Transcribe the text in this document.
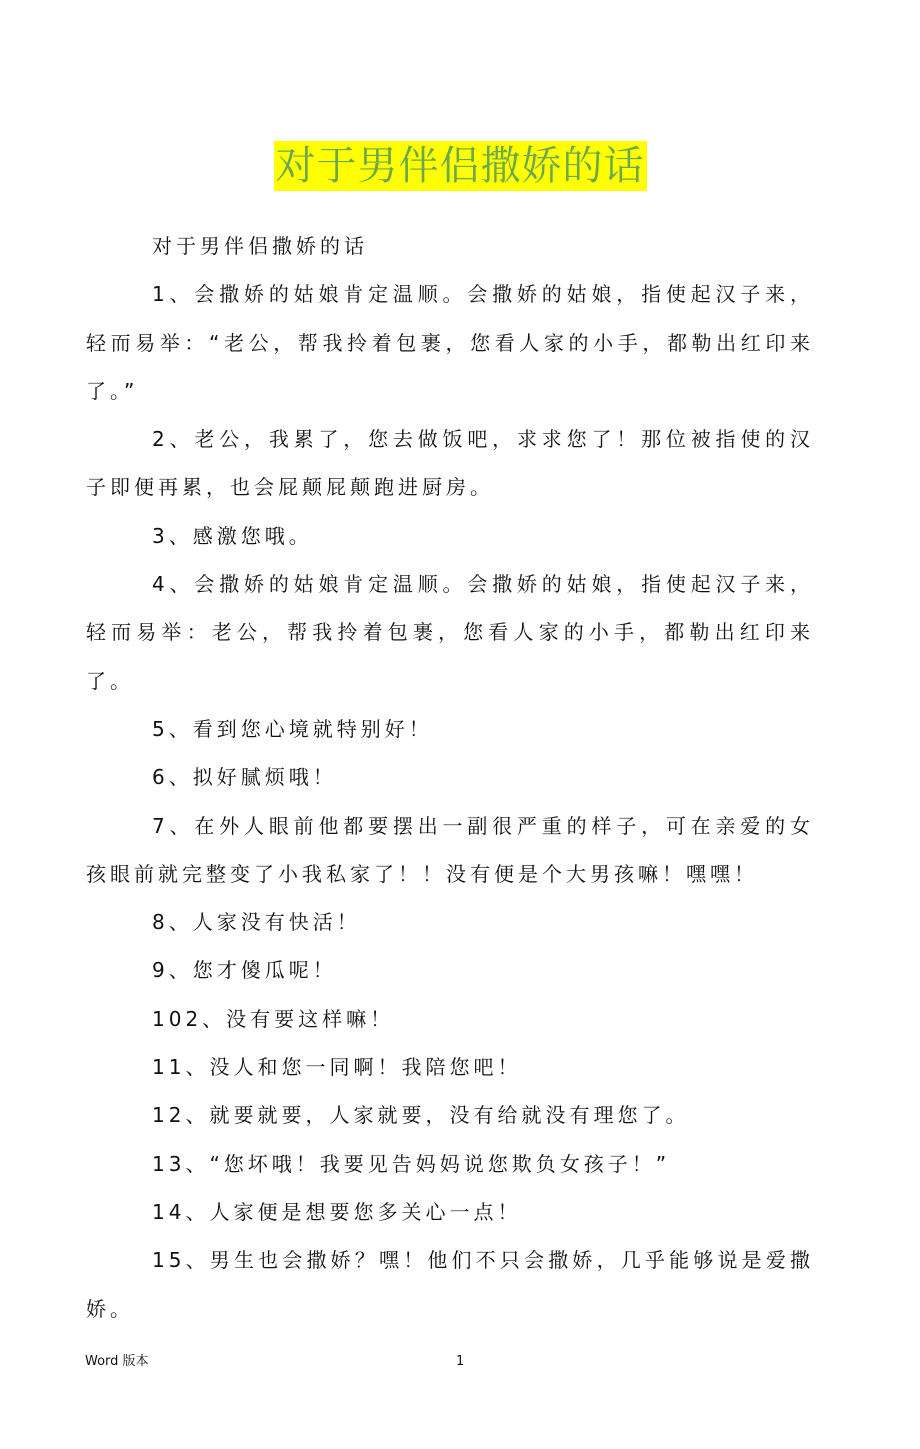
对于男伴侣撒娇的话

对于男伴侣撒娇的话

1、会撒娇的姑娘肯定温顺。会撒娇的姑娘，指使起汉子来，轻而易举：“老公，帮我拎着包裹，您看人家的小手，都勒出红印来了。”

2、老公，我累了，您去做饭吧，求求您了！那位被指使的汉子即便再累，也会屁颠屁颠跑进厨房。

3、感激您哦。

4、会撒娇的姑娘肯定温顺。会撒娇的姑娘，指使起汉子来，轻而易举：老公，帮我拎着包裹，您看人家的小手，都勒出红印来了。

5、看到您心境就特别好！

6、拟好腻烦哦！

7、在外人眼前他都要摆出一副很严重的样子，可在亲爱的女孩眼前就完整变了小我私家了！！没有便是个大男孩嘛！嘿嘿！

8、人家没有快活！

9、您才傻瓜呢！

102、没有要这样嘛！

11、没人和您一同啊！我陪您吧！

12、就要就要，人家就要，没有给就没有理您了。

13、“您坏哦！我要见告妈妈说您欺负女孩子！”

14、人家便是想要您多关心一点！

15、男生也会撒娇？嘿！他们不只会撒娇，几乎能够说是爱撒娇。

Word 版本	1
